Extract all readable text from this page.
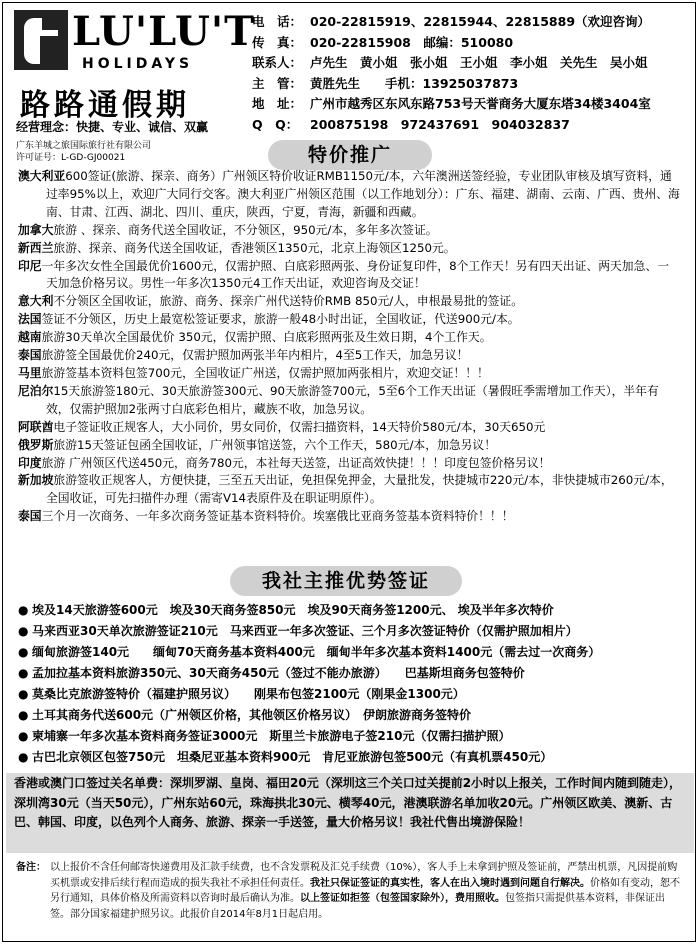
LU'LU'T
HOLIDAYS
路路通假期
经营理念：快捷、专业、诚信、双赢
广东羊城之旅国际旅行社有限公司
许可证号：L-GD-GJ00021
电　话： 020-22815919、22815944、22815889（欢迎咨询）
传　真： 020-22815908　邮编：510080
联系人： 卢先生　黄小姐　张小姐　王小姐　李小姐　关先生　吴小姐
主　管： 黄胜先生　　手机：13925037873
地　址： 广州市越秀区东风东路753号天誉商务大厦东塔34楼3404室
Q　Q： 200875198　972437691　904032837
特价推广

澳大利亚600签证(旅游、探亲、商务）广州领区特价收证RMB1150元/本，六年澳洲送签经验，专业团队审核及填写资料，通过率95%以上，欢迎广大同行交客。澳大利亚广州领区范围（以工作地划分）：广东、福建、湖南、云南、广西、贵州、海南、甘肃、江西、湖北、四川、重庆，陕西，宁夏，青海，新疆和西藏。

加拿大旅游 、探亲、商务代送全国收证，不分领区，950元/本，多年多次签证。

新西兰旅游、探亲、商务代送全国收证，香港领区1350元，北京上海领区1250元。

印尼一年多次女性全国最优价1600元，仅需护照、白底彩照两张、身份证复印件，8个工作天！另有四天出证、两天加急、一天加急价格另议。男性一年多次1350元4工作天出证，欢迎咨询及交证！

意大利不分领区全国收证，旅游、商务、探亲广州代送特价RMB 850元/人，申根最易批的签证。

法国签证不分领区，历史上最宽松签证要求，旅游一般48小时出证，全国收证，代送900元/本。

越南旅游30天单次全国最优价 350元，仅需护照、白底彩照两张及生效日期，4个工作天。

泰国旅游签全国最优价240元，仅需护照加两张半年内相片，4至5工作天，加急另议！

马里旅游签基本资料包签700元，全国收证广州送，仅需护照加两张相片，欢迎交证！！！

尼泊尔15天旅游签180元、30天旅游签300元、90天旅游签700元，5至6个工作天出证（暑假旺季需增加工作天），半年有效，仅需护照加2张两寸白底彩色相片，藏族不收，加急另议。

阿联酋电子签证收正规客人，大小同价，男女同价，仅需扫描资料，14天特价580元/本，30天650元

俄罗斯旅游15天签证包函全国收证，广州领事馆送签，六个工作天，580元/本，加急另议！

印度旅游 广州领区代送450元，商务780元，本社每天送签，出证高效快捷！！！印度包签价格另议！

新加坡旅游签收正规客人，方便快捷，三至五天出证，免担保免押金，大量批发，快捷城市220元/本，非快捷城市260元/本，全国收证，可先扫描件办理（需寄V14表原件及在职证明原件）。

泰国三个月一次商务、一年多次商务签证基本资料特价。埃塞俄比亚商务签基本资料特价！！！

我社主推优势签证
● 埃及14天旅游签600元　埃及30天商务签850元　埃及90天商务签1200元、 埃及半年多次特价
● 马来西亚30天单次旅游签证210元　马来西亚一年多次签证、三个月多次签证特价（仅需护照加相片）
● 缅甸旅游签140元　　缅甸70天商务基本资料400元　缅甸半年多次基本资料1400元（需去过一次商务）
● 孟加拉基本资料旅游350元、30天商务450元（签过不能办旅游）　　巴基斯坦商务包签特价
● 莫桑比克旅游签特价（福建护照另议）　　刚果布包签2100元（刚果金1300元）
● 土耳其商务代送600元（广州领区价格，其他领区价格另议）　伊朗旅游商务签特价
● 柬埔寨一年多次基本资料商务签证3000元　斯里兰卡旅游电子签210元（仅需扫描护照）
● 古巴北京领区包签750元　坦桑尼亚基本资料900元　肯尼亚旅游包签500元（有真机票450元）
香港或澳门口签过关名单费：深圳罗湖、皇岗、福田20元（深圳这三个关口过关提前2小时以上报关，工作时间内随到随走），深圳湾30元（当天50元），广州东站60元，珠海拱北30元、横琴40元，港澳联游名单加收20元。广州领区欧美、澳新、古巴、韩国、印度，以色列个人商务、旅游、探亲一手送签，量大价格另议！我社代售出境游保险！
备注： 以上报价不含任何邮寄快递费用及汇款手续费，也不含发票税及汇兑手续费（10%），客人手上未拿到护照及签证前，严禁出机票，凡因提前购买机票或安排后续行程而造成的损失我社不承担任何责任。我社只保证签证的真实性，客人在出入境时遇到问题自行解决。价格如有变动，恕不另行通知，具体价格及所需资料以咨询时最后确认为准。以上签证如拒签（包签国家除外），费用照收。包签指只需提供基本资料，非保证出签。部分国家福建护照另议。此报价自2014年8月1日起启用。
